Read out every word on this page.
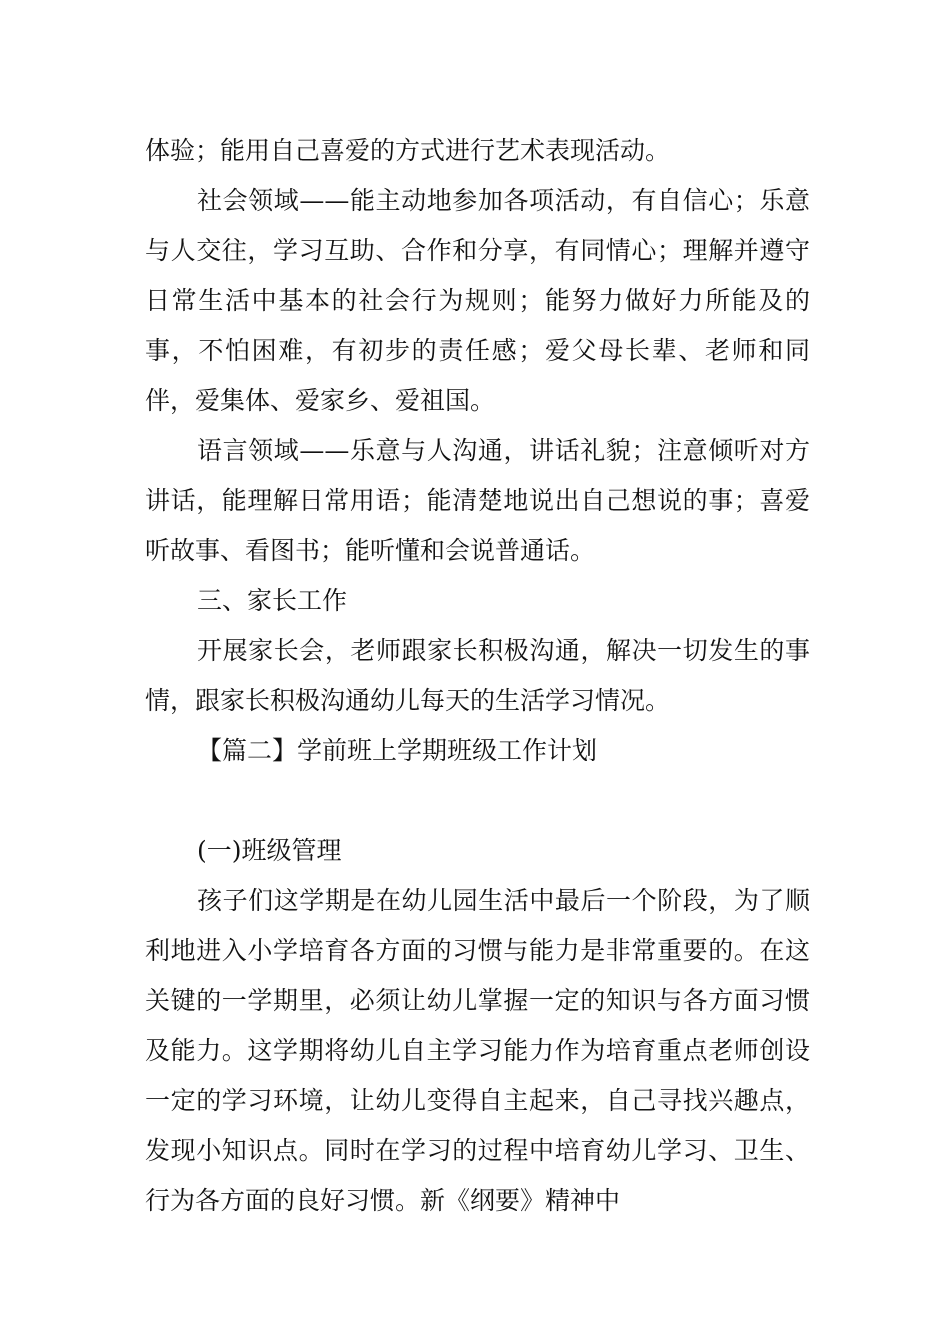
体验；能用自己喜爱的方式进行艺术表现活动。

社会领域——能主动地参加各项活动，有自信心；乐意与人交往，学习互助、合作和分享，有同情心；理解并遵守日常生活中基本的社会行为规则；能努力做好力所能及的事，不怕困难，有初步的责任感；爱父母长辈、老师和同伴，爱集体、爱家乡、爱祖国。

语言领域——乐意与人沟通，讲话礼貌；注意倾听对方讲话，能理解日常用语；能清楚地说出自己想说的事；喜爱听故事、看图书；能听懂和会说普通话。

三、家长工作

开展家长会，老师跟家长积极沟通，解决一切发生的事情，跟家长积极沟通幼儿每天的生活学习情况。

【篇二】学前班上学期班级工作计划

(一)班级管理

孩子们这学期是在幼儿园生活中最后一个阶段，为了顺利地进入小学培育各方面的习惯与能力是非常重要的。在这关键的一学期里，必须让幼儿掌握一定的知识与各方面习惯及能力。这学期将幼儿自主学习能力作为培育重点老师创设一定的学习环境，让幼儿变得自主起来，自己寻找兴趣点，发现小知识点。同时在学习的过程中培育幼儿学习、卫生、行为各方面的良好习惯。新《纲要》精神中
